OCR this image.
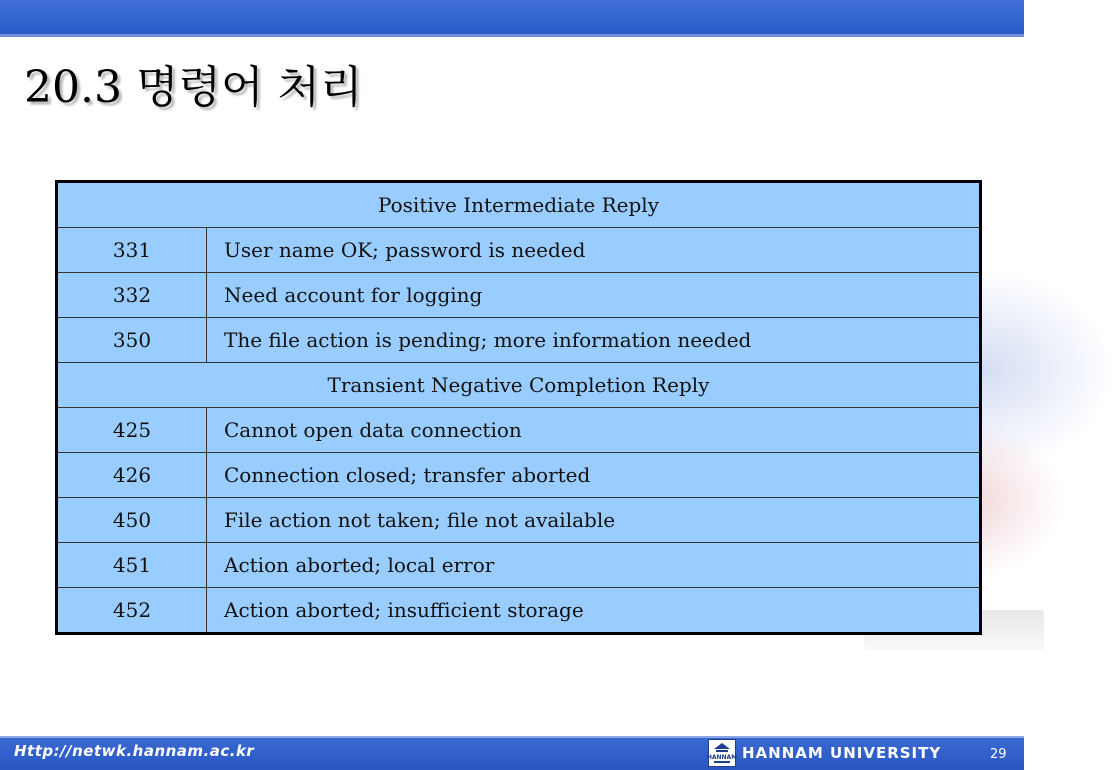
20.3 명령어 처리
Positive Intermediate Reply	
331	User name OK; password is needed
332	Need account for logging
350	The file action is pending; more information needed
Transient Negative Completion Reply	
425	Cannot open data connection
426	Connection closed; transfer aborted
450	File action not taken; file not available
451	Action aborted; local error
452	Action aborted; insufficient storage
Http://netwk.hannam.ac.kr	HANNAM HANNAM UNIVERSITY	29
